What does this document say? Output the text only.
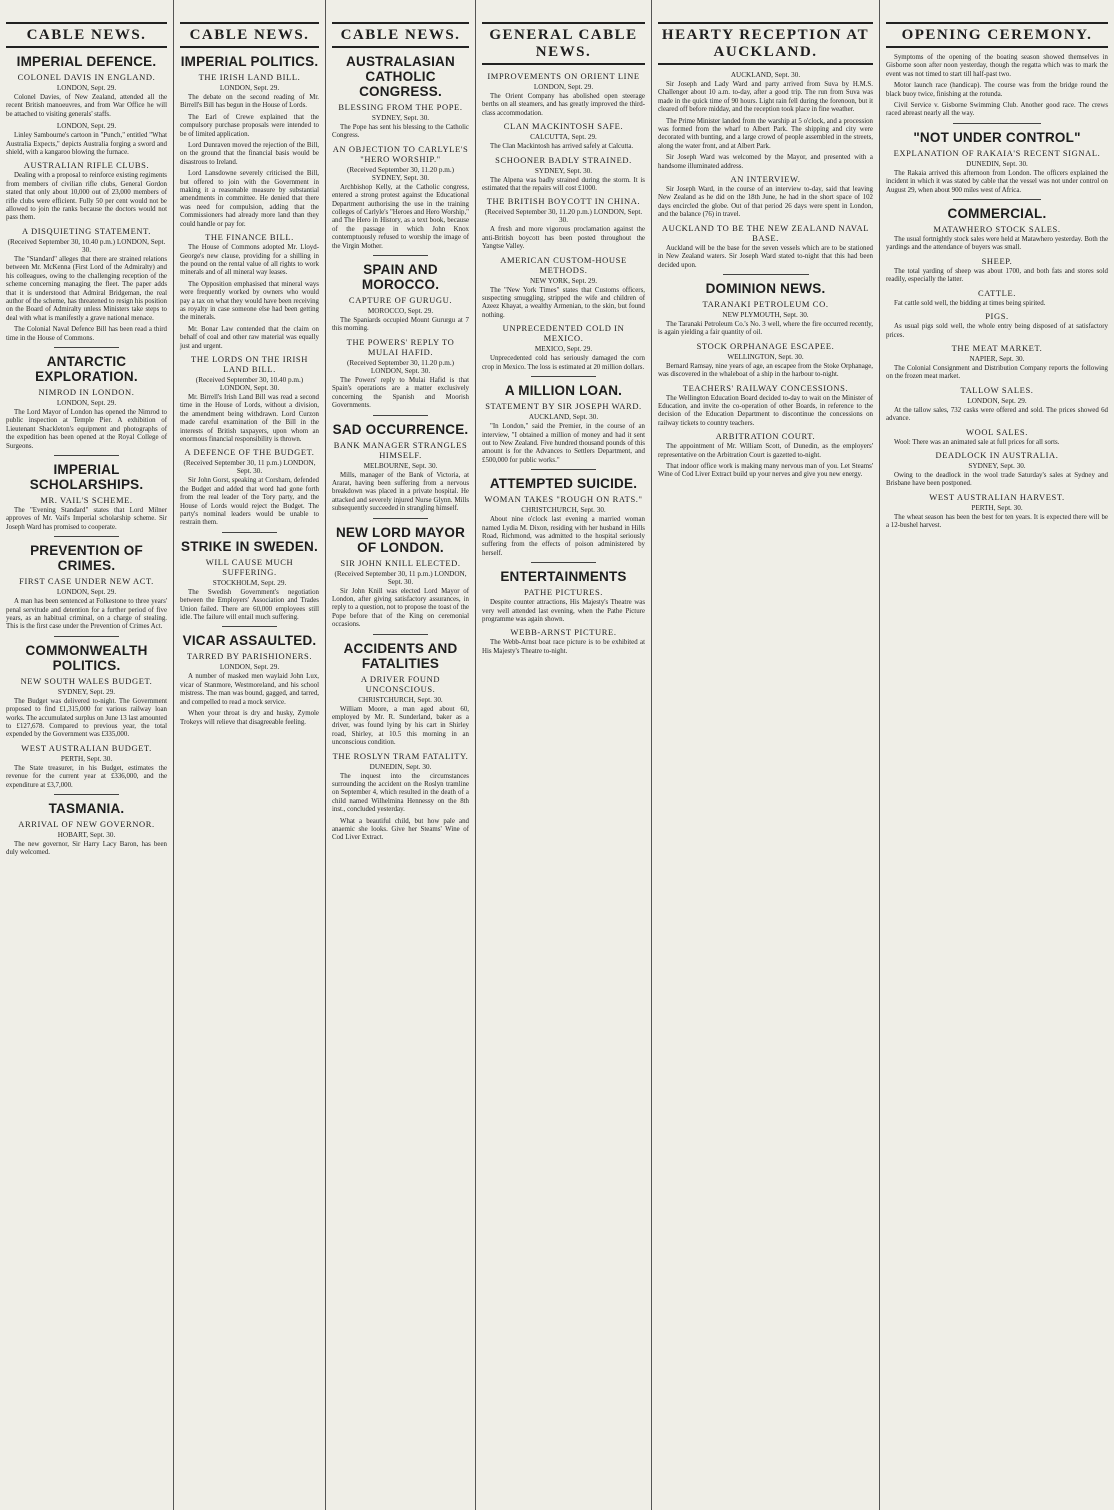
CABLE NEWS.
IMPERIAL DEFENCE.
COLONEL DAVIS IN ENGLAND.
LONDON, Sept. 29.
Colonel Davies, of New Zealand, attended all the recent British manoeuvres, and from War Office he will be attached to visiting generals' staffs.
LONDON, Sept. 29.
Linley Sambourne's cartoon in "Punch," entitled "What Australia Expects," depicts Australia forging a sword and shield, with a kangaroo blowing the furnace.
AUSTRALIAN RIFLE CLUBS.
Dealing with a proposal to reinforce existing regiments from members of civilian rifle clubs, General Gordon stated that only about 10,000 out of 23,000 members of rifle clubs were efficient. Fully 50 per cent would not be allowed to join the ranks because the doctors would not pass them.
A DISQUIETING STATEMENT.
(Received September 30, 10.40 p.m.) LONDON, Sept. 30.
The "Standard" alleges that there are strained relations between Mr. McKenna (First Lord of the Admiralty) and his colleagues, owing to the challenging reception of the scheme concerning managing the fleet. The paper adds that it is understood that Admiral Bridgeman, the real author of the scheme, has threatened to resign his position on the Board of Admiralty unless Ministers take steps to deal with what is manifestly a grave national menace.
The Colonial Naval Defence Bill has been read a third time in the House of Commons.
ANTARCTIC EXPLORATION.
NIMROD IN LONDON.
LONDON, Sept. 29.
The Lord Mayor of London has opened the Nimrod to public inspection at Temple Pier. A exhibition of Lieutenant Shackleton's equipment and photographs of the expedition has been opened at the Royal College of Surgeons.
IMPERIAL SCHOLARSHIPS.
MR. VAIL'S SCHEME.
The "Evening Standard" states that Lord Milner approves of Mr. Vail's Imperial scholarship scheme. Sir Joseph Ward has promised to cooperate.
PREVENTION OF CRIMES.
FIRST CASE UNDER NEW ACT.
LONDON, Sept. 29.
A man has been sentenced at Folkestone to three years' penal servitude and detention for a further period of five years, as an habitual criminal, on a charge of stealing. This is the first case under the Prevention of Crimes Act.
COMMONWEALTH POLITICS.
NEW SOUTH WALES BUDGET.
SYDNEY, Sept. 29.
The Budget was delivered to-night. The Government proposed to find £1,315,000 for various railway loan works. The accumulated surplus on June 13 last amounted to £127,678. Compared to previous year, the total expended by the Government was £335,000.
WEST AUSTRALIAN BUDGET.
PERTH, Sept. 30.
The State treasurer, in his Budget, estimates the revenue for the current year at £336,000, and the expenditure at £3,7,000.
TASMANIA.
ARRIVAL OF NEW GOVERNOR.
HOBART, Sept. 30.
The new governor, Sir Harry Lacy Baron, has been duly welcomed.
CABLE NEWS.
IMPERIAL POLITICS.
THE IRISH LAND BILL.
LONDON, Sept. 29.
The debate on the second reading of Mr. Birrell's Bill has begun in the House of Lords.
The Earl of Crewe explained that the compulsory purchase proposals were intended to be of limited application.
Lord Dunraven moved the rejection of the Bill, on the ground that the financial basis would be disastrous to Ireland.
Lord Lansdowne severely criticised the Bill, but offered to join with the Government in making it a reasonable measure by substantial amendments in committee. He denied that there was need for compulsion, adding that the Commissioners had already more land than they could handle or pay for.
THE FINANCE BILL.
The House of Commons adopted Mr. Lloyd-George's new clause, providing for a shilling in the pound on the rental value of all rights to work minerals and of all mineral way leases.
The Opposition emphasised that mineral ways were frequently worked by owners who would pay a tax on what they would have been receiving as royalty in case someone else had been getting the minerals.
Mr. Bonar Law contended that the claim on behalf of coal and other raw material was equally just and urgent.
THE LORDS ON THE IRISH LAND BILL.
(Received September 30, 10.40 p.m.) LONDON, Sept. 30.
Mr. Birrell's Irish Land Bill was read a second time in the House of Lords, without a division, the amendment being withdrawn. Lord Curzon made careful examination of the Bill in the interests of British taxpayers, upon whom an enormous financial responsibility is thrown.
A DEFENCE OF THE BUDGET.
(Received September 30, 11 p.m.) LONDON, Sept. 30.
Sir John Gorst, speaking at Corsham, defended the Budget and added that word had gone forth from the real leader of the Tory party, and the House of Lords would reject the Budget. The party's nominal leaders would be unable to restrain them.
STRIKE IN SWEDEN.
WILL CAUSE MUCH SUFFERING.
STOCKHOLM, Sept. 29.
The Swedish Government's negotiation between the Employers' Association and Trades Union failed. There are 60,000 employees still idle. The failure will entail much suffering.
VICAR ASSAULTED.
TARRED BY PARISHIONERS.
LONDON, Sept. 29.
A number of masked men waylaid John Lux, vicar of Stanmore, Westmoreland, and his school mistress. The man was bound, gagged, and tarred, and compelled to read a mock service.
When your throat is dry and husky, Zymole Trokeys will relieve that disagreeable feeling.
CABLE NEWS.
AUSTRALASIAN CATHOLIC CONGRESS.
BLESSING FROM THE POPE.
SYDNEY, Sept. 30.
The Pope has sent his blessing to the Catholic Congress.
AN OBJECTION TO CARLYLE'S "HERO WORSHIP."
(Received September 30, 11.20 p.m.) SYDNEY, Sept. 30.
Archbishop Kelly, at the Catholic congress, entered a strong protest against the Educational Department authorising the use in the training colleges of Carlyle's "Heroes and Hero Worship," and The Hero in History, as a text book, because of the passage in which John Knox contemptuously refused to worship the image of the Virgin Mother.
SPAIN AND MOROCCO.
CAPTURE OF GURUGU.
MOROCCO, Sept. 29.
The Spaniards occupied Mount Gururgu at 7 this morning.
THE POWERS' REPLY TO MULAI HAFID.
(Received September 30, 11.20 p.m.) LONDON, Sept. 30.
The Powers' reply to Mulai Hafid is that Spain's operations are a matter exclusively concerning the Spanish and Moorish Governments.
SAD OCCURRENCE.
BANK MANAGER STRANGLES HIMSELF.
MELBOURNE, Sept. 30.
Mills, manager of the Bank of Victoria, at Ararat, having been suffering from a nervous breakdown was placed in a private hospital. He attacked and severely injured Nurse Glynn. Mills subsequently succeeded in strangling himself.
NEW LORD MAYOR OF LONDON.
SIR JOHN KNILL ELECTED.
(Received September 30, 11 p.m.) LONDON, Sept. 30.
Sir John Knill was elected Lord Mayor of London, after giving satisfactory assurances, in reply to a question, not to propose the toast of the Pope before that of the King on ceremonial occasions.
ACCIDENTS AND FATALITIES
A DRIVER FOUND UNCONSCIOUS.
CHRISTCHURCH, Sept. 30.
William Moore, a man aged about 60, employed by Mr. R. Sunderland, baker as a driver, was found lying by his cart in Shirley road, Shirley, at 10.5 this morning in an unconscious condition.
THE ROSLYN TRAM FATALITY.
DUNEDIN, Sept. 30.
The inquest into the circumstances surrounding the accident on the Roslyn tramline on September 4, which resulted in the death of a child named Wilhelmina Hennessy on the 8th inst., concluded yesterday.
What a beautiful child, but how pale and anaemic she looks. Give her Steams' Wine of Cod Liver Extract.
GENERAL CABLE NEWS.
IMPROVEMENTS ON ORIENT LINE
LONDON, Sept. 29.
The Orient Company has abolished open steerage berths on all steamers, and has greatly improved the third-class accommodation.
CLAN MACKINTOSH SAFE.
CALCUTTA, Sept. 29.
The Clan Mackintosh has arrived safely at Calcutta.
SCHOONER BADLY STRAINED.
SYDNEY, Sept. 30.
The Alpena was badly strained during the storm. It is estimated that the repairs will cost £1000.
THE BRITISH BOYCOTT IN CHINA.
(Received September 30, 11.20 p.m.) LONDON, Sept. 30.
A fresh and more vigorous proclamation against the anti-British boycott has been posted throughout the Yangtse Valley.
AMERICAN CUSTOM-HOUSE METHODS.
NEW YORK, Sept. 29.
The "New York Times" states that Customs officers, suspecting smuggling, stripped the wife and children of Azeez Khayat, a wealthy Armenian, to the skin, but found nothing.
UNPRECEDENTED COLD IN MEXICO.
MEXICO, Sept. 29.
Unprecedented cold has seriously damaged the corn crop in Mexico. The loss is estimated at 20 million dollars.
A MILLION LOAN.
STATEMENT BY SIR JOSEPH WARD.
AUCKLAND, Sept. 30.
"In London," said the Premier, in the course of an interview, "I obtained a million of money and had it sent out to New Zealand. Five hundred thousand pounds of this amount is for the Advances to Settlers Department, and £500,000 for public works."
ATTEMPTED SUICIDE.
WOMAN TAKES "ROUGH ON RATS."
CHRISTCHURCH, Sept. 30.
About nine o'clock last evening a married woman named Lydia M. Dixon, residing with her husband in Hills Road, Richmond, was admitted to the hospital seriously suffering from the effects of poison administered by herself.
ENTERTAINMENTS
PATHE PICTURES.
Despite counter attractions, His Majesty's Theatre was very well attended last evening, when the Pathe Picture programme was again shown.
WEBB-ARNST PICTURE.
The Webb-Arnst boat race picture is to be exhibited at His Majesty's Theatre to-night.
HEARTY RECEPTION AT AUCKLAND.
AUCKLAND, Sept. 30.
Sir Joseph and Lady Ward and party arrived from Suva by H.M.S. Challenger about 10 a.m. to-day, after a good trip. The run from Suva was made in the quick time of 90 hours. Light rain fell during the forenoon, but it cleared off before midday, and the reception took place in fine weather.
The Prime Minister landed from the warship at 5 o'clock, and a procession was formed from the wharf to Albert Park. The shipping and city were decorated with bunting, and a large crowd of people assembled in the streets, along the water front, and at Albert Park.
Sir Joseph Ward was welcomed by the Mayor, and presented with a handsome illuminated address.
AN INTERVIEW.
Sir Joseph Ward, in the course of an interview to-day, said that leaving New Zealand as he did on the 18th June, he had in the short space of 102 days encircled the globe. Out of that period 26 days were spent in London, and the balance (76) in travel.
AUCKLAND TO BE THE NEW ZEALAND NAVAL BASE.
Auckland will be the base for the seven vessels which are to be stationed in New Zealand waters. Sir Joseph Ward stated to-night that this had been decided upon.
DOMINION NEWS.
TARANAKI PETROLEUM CO.
NEW PLYMOUTH, Sept. 30.
The Taranaki Petroleum Co.'s No. 3 well, where the fire occurred recently, is again yielding a fair quantity of oil.
STOCK ORPHANAGE ESCAPEE.
WELLINGTON, Sept. 30.
Bernard Ramsay, nine years of age, an escapee from the Stoke Orphanage, was discovered in the whaleboat of a ship in the harbour to-night.
TEACHERS' RAILWAY CONCESSIONS.
The Wellington Education Board decided to-day to wait on the Minister of Education, and invite the co-operation of other Boards, in reference to the decision of the Education Department to discontinue the concessions on railway tickets to country teachers.
ARBITRATION COURT.
The appointment of Mr. William Scott, of Dunedin, as the employers' representative on the Arbitration Court is gazetted to-night.
That indoor office work is making many nervous man of you. Let Steams' Wine of Cod Liver Extract build up your nerves and give you new energy.
OPENING CEREMONY.
Symptoms of the opening of the boating season showed themselves in Gisborne soon after noon yesterday, though the regatta which was to mark the event was not timed to start till half-past two.
Motor launch race (handicap). The course was from the bridge round the black buoy twice, finishing at the rotunda.
Civil Service v. Gisborne Swimming Club. Another good race. The crews raced abreast nearly all the way.
"NOT UNDER CONTROL"
EXPLANATION OF RAKAIA'S RECENT SIGNAL.
DUNEDIN, Sept. 30.
The Rakaia arrived this afternoon from London. The officers explained the incident in which it was stated by cable that the vessel was not under control on August 29, when about 900 miles west of Africa.
COMMERCIAL.
MATAWHERO STOCK SALES.
The usual fortnightly stock sales were held at Matawhero yesterday. Both the yardings and the attendance of buyers was small.
SHEEP.
The total yarding of sheep was about 1700, and both fats and stores sold readily, especially the latter.
CATTLE.
Fat cattle sold well, the bidding at times being spirited.
PIGS.
As usual pigs sold well, the whole entry being disposed of at satisfactory prices.
THE MEAT MARKET.
NAPIER, Sept. 30.
The Colonial Consignment and Distribution Company reports the following on the frozen meat market.
TALLOW SALES.
LONDON, Sept. 29.
At the tallow sales, 732 casks were offered and sold. The prices showed 6d advance.
WOOL SALES.
Wool: There was an animated sale at full prices for all sorts.
DEADLOCK IN AUSTRALIA.
SYDNEY, Sept. 30.
Owing to the deadlock in the wool trade Saturday's sales at Sydney and Brisbane have been postponed.
WEST AUSTRALIAN HARVEST.
PERTH, Sept. 30.
The wheat season has been the best for ten years. It is expected there will be a 12-bushel harvest.
